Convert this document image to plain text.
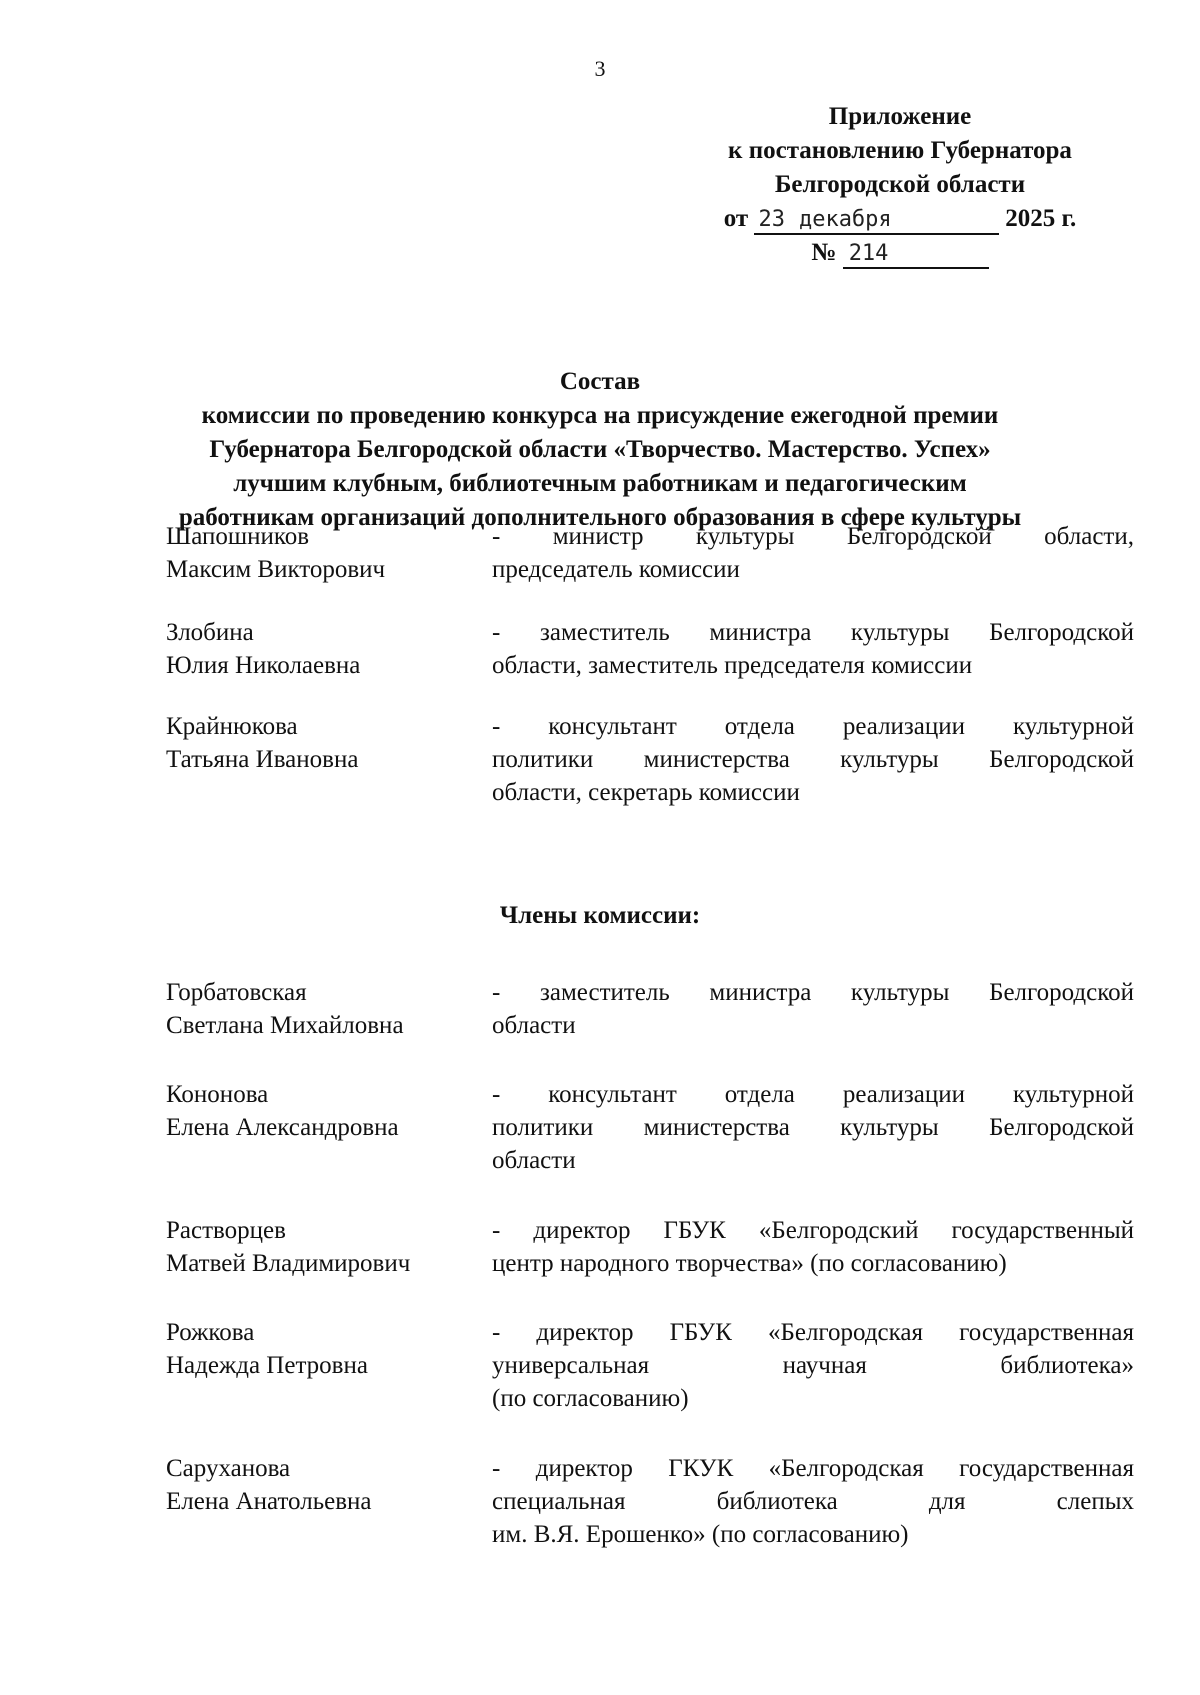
3
Приложение
к постановлению Губернатора
Белгородской области
от 23 декабря	2025 г.
№ 214
Состав
комиссии по проведению конкурса на присуждение ежегодной премии
Губернатора Белгородской области «Творчество. Мастерство. Успех»
лучшим клубным, библиотечным работникам и педагогическим
работникам организаций дополнительного образования в сфере культуры
Шапошников
Максим Викторович
- министр культуры Белгородской области,
председатель комиссии
Злобина
Юлия Николаевна
- заместитель министра культуры Белгородской
области, заместитель председателя комиссии
Крайнюкова
Татьяна Ивановна
- консультант отдела реализации культурной
политики министерства культуры Белгородской
области, секретарь комиссии
Члены комиссии:
Горбатовская
Светлана Михайловна
- заместитель министра культуры Белгородской
области
Кононова
Елена Александровна
- консультант отдела реализации культурной
политики министерства культуры Белгородской
области
Растворцев
Матвей Владимирович
- директор ГБУК «Белгородский государственный
центр народного творчества» (по согласованию)
Рожкова
Надежда Петровна
- директор ГБУК «Белгородская государственная
универсальная научная библиотека»
(по согласованию)
Саруханова
Елена Анатольевна
- директор ГКУК «Белгородская государственная
специальная библиотека для слепых
им. В.Я. Ерошенко» (по согласованию)
